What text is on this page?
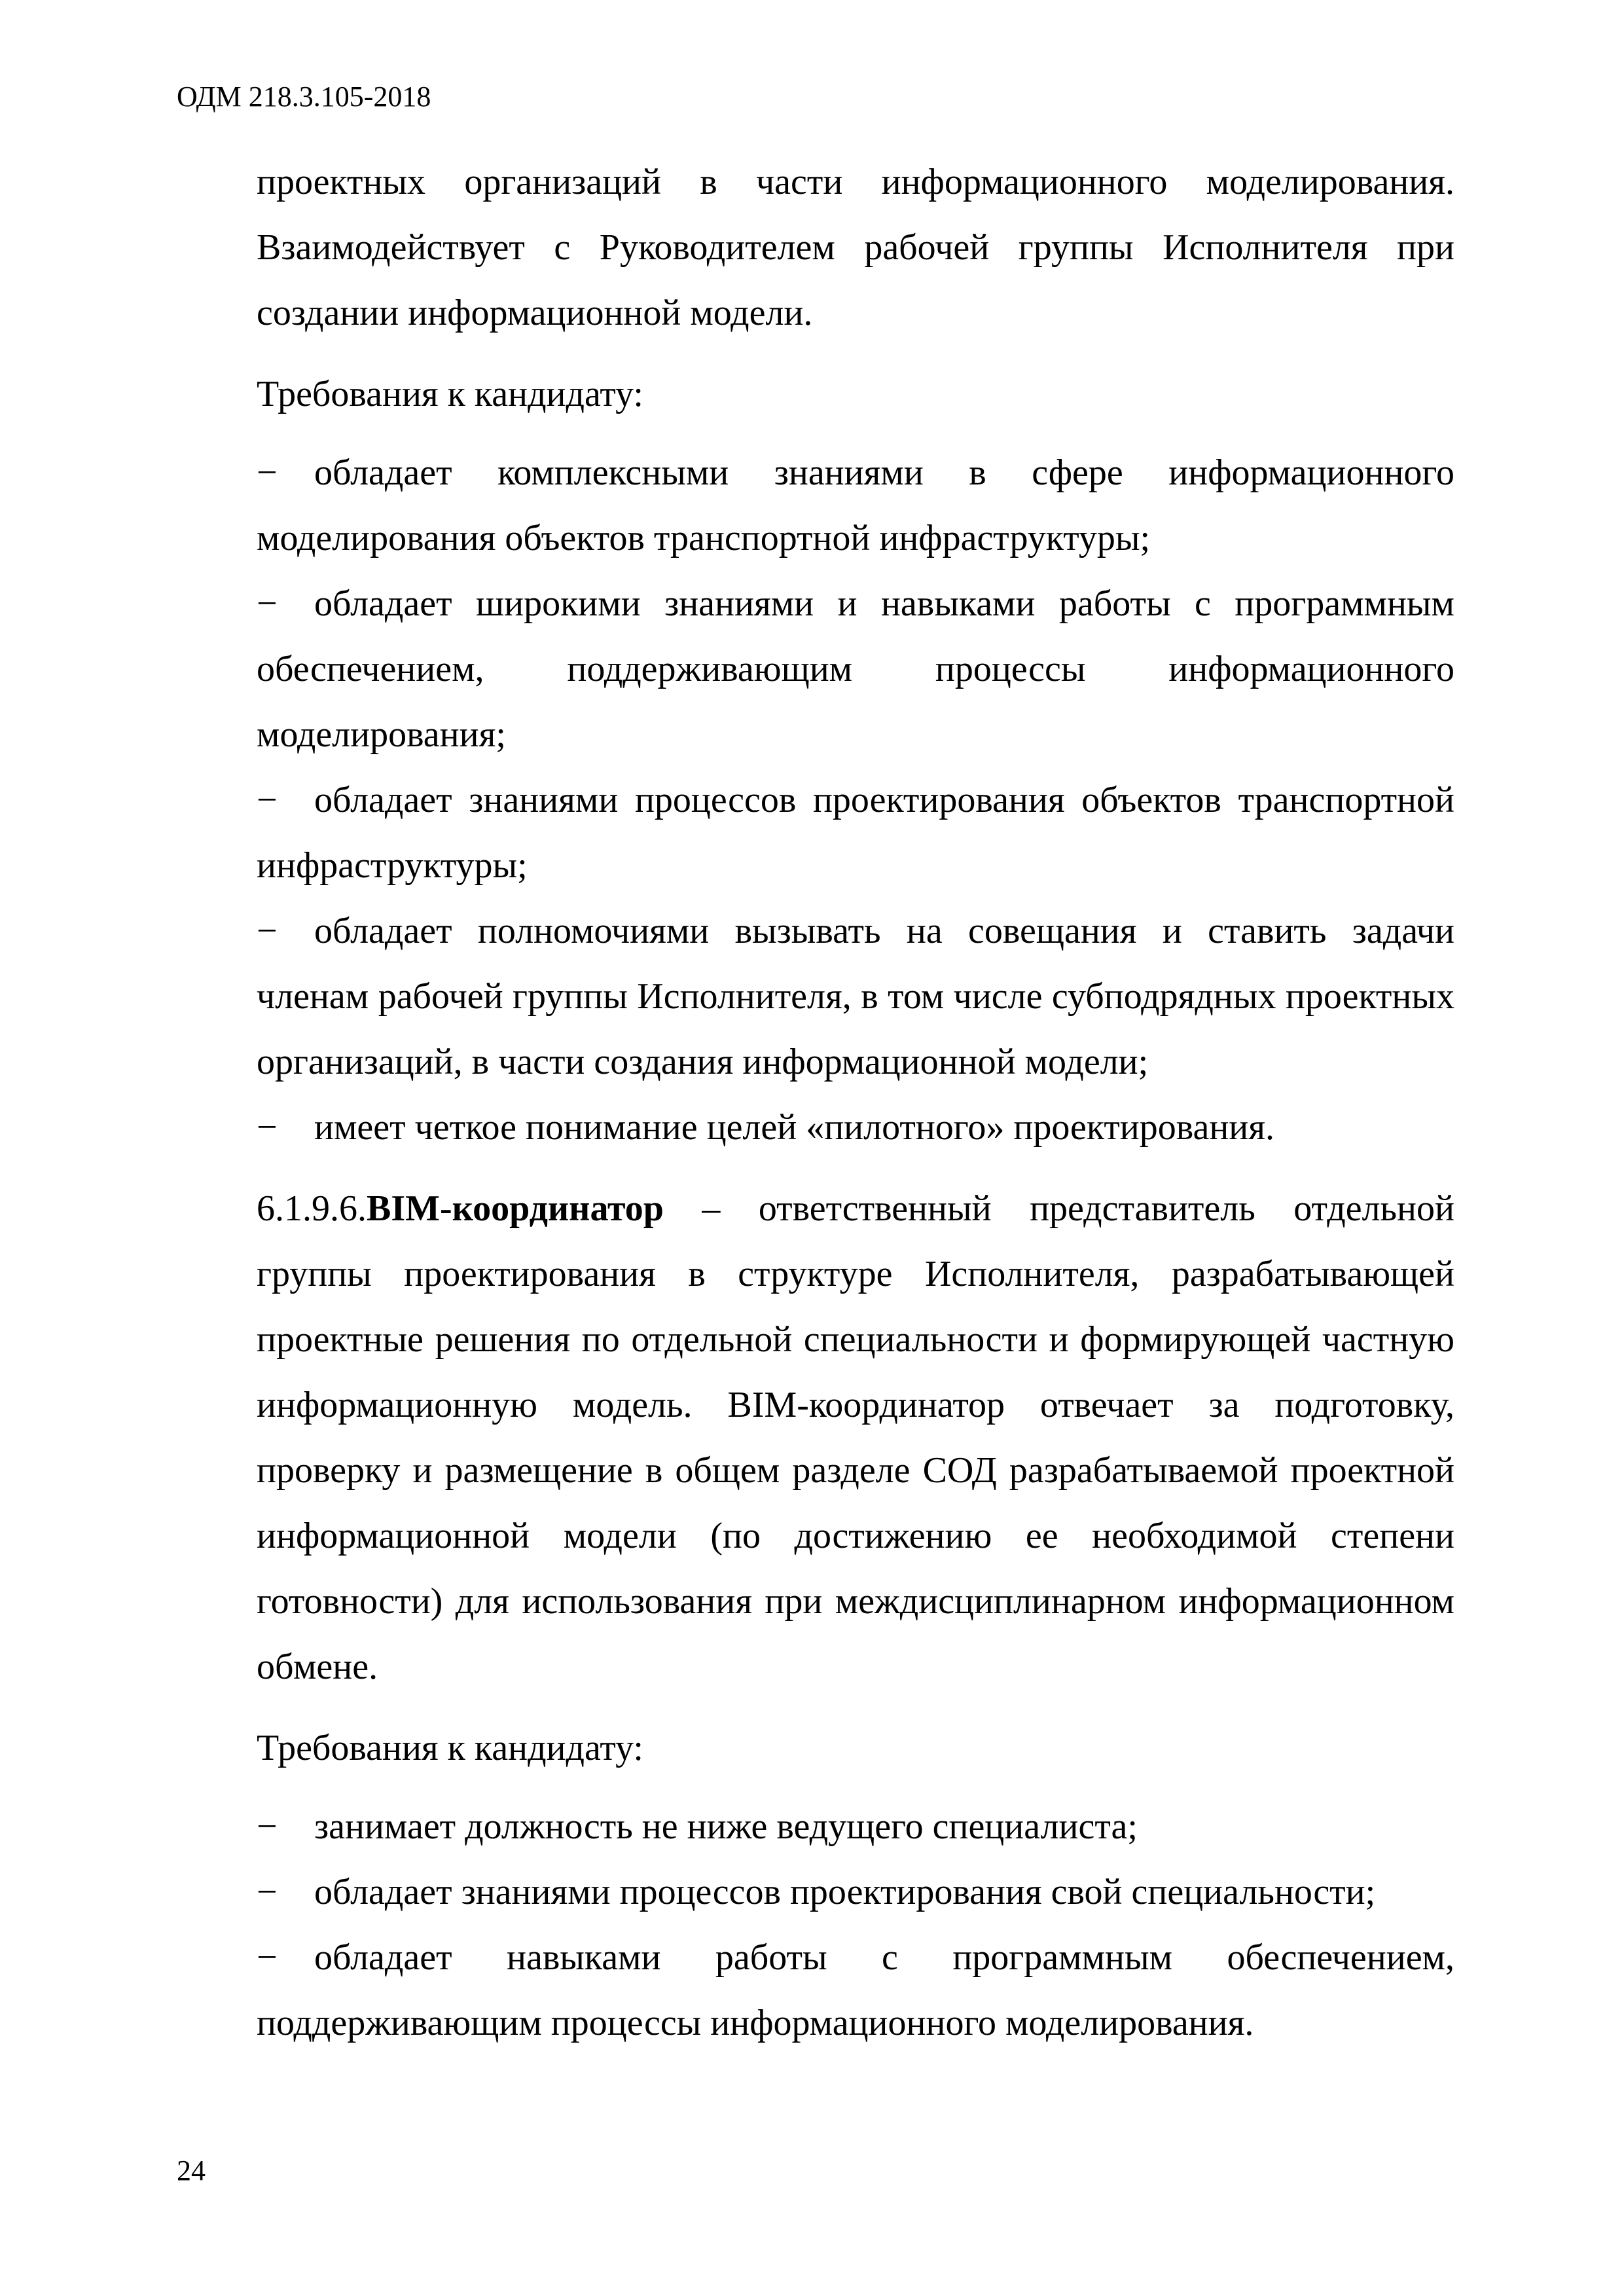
ОДМ 218.3.105-2018

проектных организаций в части информационного моделирования. Взаимодействует с Руководителем рабочей группы Исполнителя при создании информационной модели.

Требования к кандидату:

− обладает комплексными знаниями в сфере информационного моделирования объектов транспортной инфраструктуры;
− обладает широкими знаниями и навыками работы с программным обеспечением, поддерживающим процессы информационного моделирования;
− обладает знаниями процессов проектирования объектов транспортной инфраструктуры;
− обладает полномочиями вызывать на совещания и ставить задачи членам рабочей группы Исполнителя, в том числе субподрядных проектных организаций, в части создания информационной модели;
− имеет четкое понимание целей «пилотного» проектирования.

6.1.9.6.BIM-координатор – ответственный представитель отдельной группы проектирования в структуре Исполнителя, разрабатывающей проектные решения по отдельной специальности и формирующей частную информационную модель. BIM-координатор отвечает за подготовку, проверку и размещение в общем разделе СОД разрабатываемой проектной информационной модели (по достижению ее необходимой степени готовности) для использования при междисциплинарном информационном обмене.

Требования к кандидату:

− занимает должность не ниже ведущего специалиста;
− обладает знаниями процессов проектирования свой специальности;
− обладает навыками работы с программным обеспечением, поддерживающим процессы информационного моделирования.
24
